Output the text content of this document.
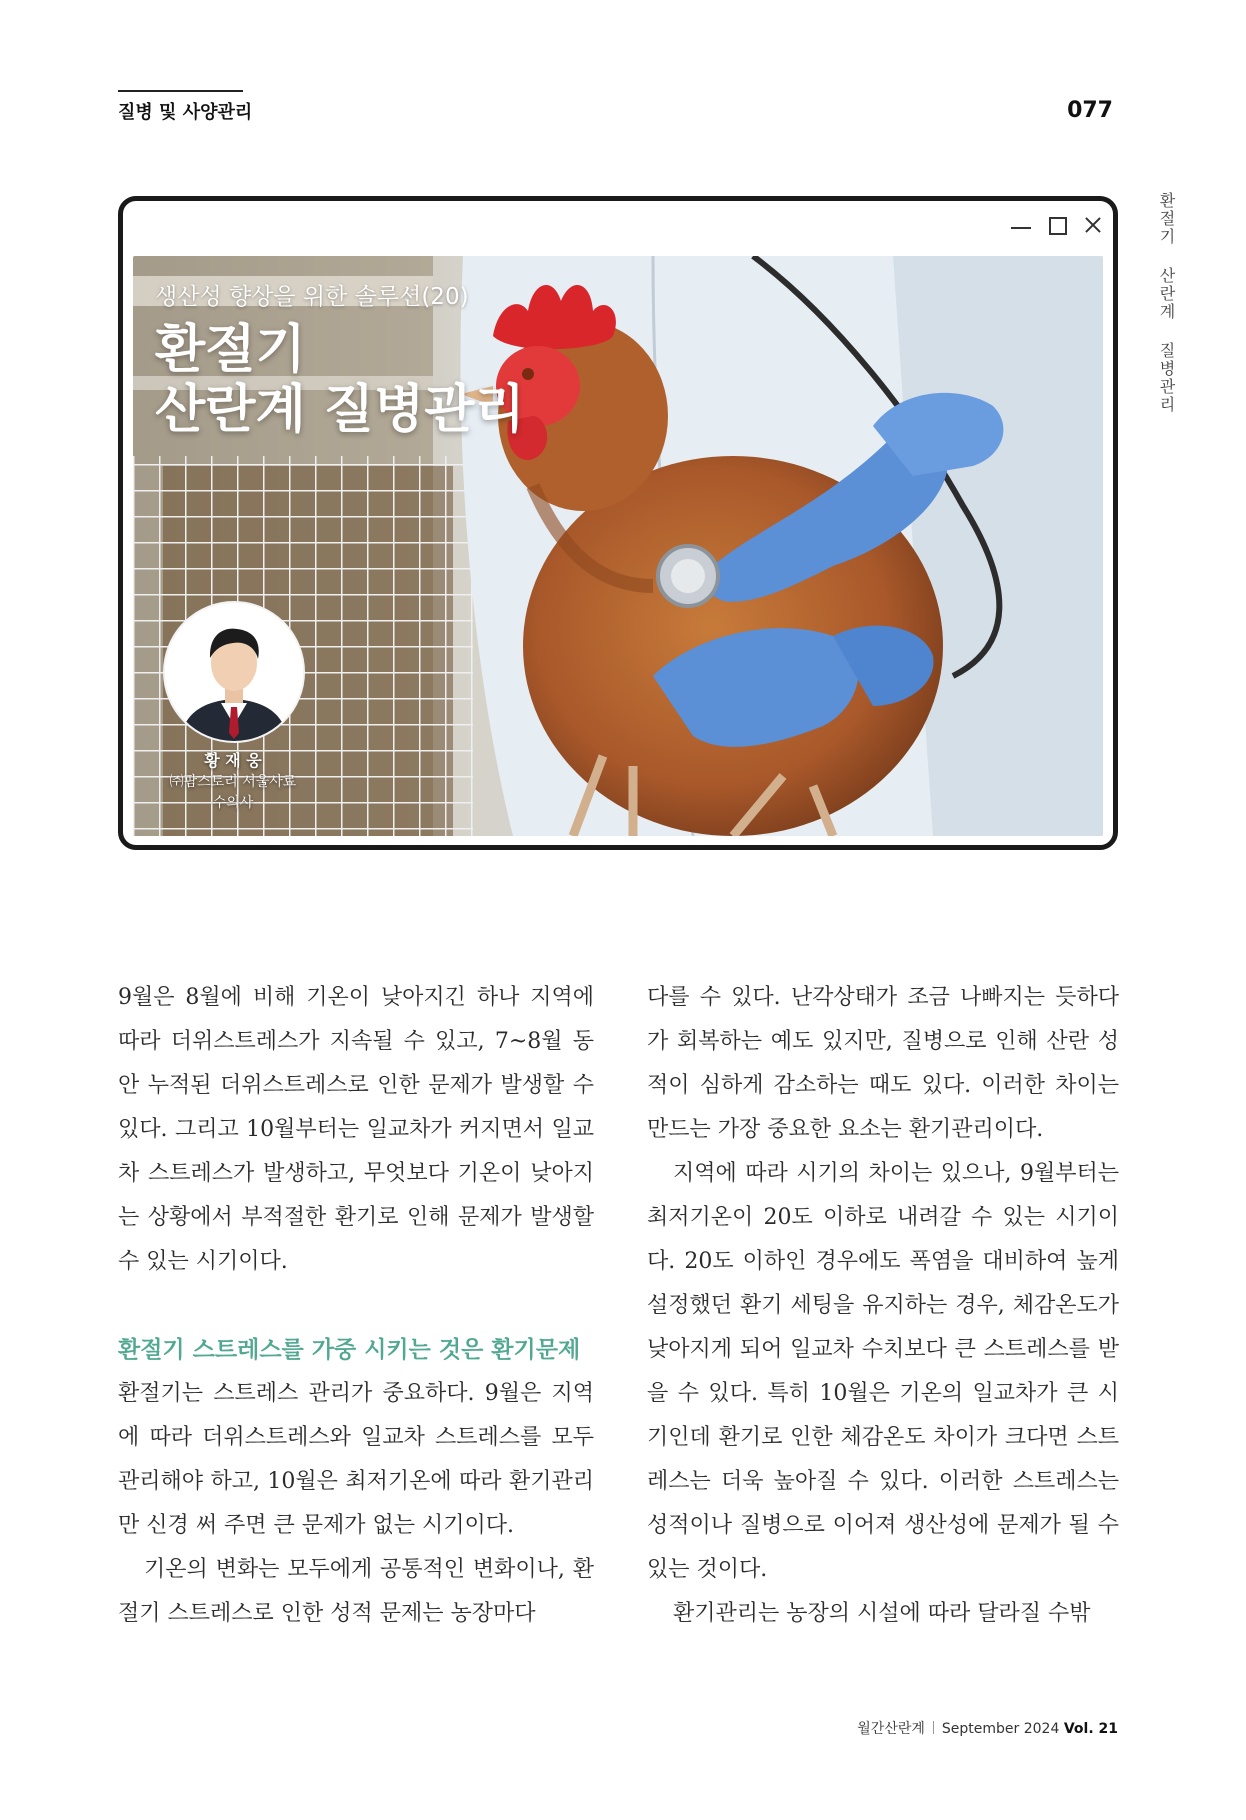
질병 및 사양관리	077
환절기 산란계 질병관리
생산성 향상을 위한 솔루션(20)
환절기
산란계 질병관리
황 재 웅
㈜팜스토리 서울사료
수의사

9월은 8월에 비해 기온이 낮아지긴 하나 지역에 따라 더위스트레스가 지속될 수 있고, 7~8월 동안 누적된 더위스트레스로 인한 문제가 발생할 수 있다. 그리고 10월부터는 일교차가 커지면서 일교차 스트레스가 발생하고, 무엇보다 기온이 낮아지는 상황에서 부적절한 환기로 인해 문제가 발생할 수 있는 시기이다.

환절기 스트레스를 가중 시키는 것은 환기문제

환절기는 스트레스 관리가 중요하다. 9월은 지역에 따라 더위스트레스와 일교차 스트레스를 모두 관리해야 하고, 10월은 최저기온에 따라 환기관리만 신경 써 주면 큰 문제가 없는 시기이다.

기온의 변화는 모두에게 공통적인 변화이나, 환절기 스트레스로 인한 성적 문제는 농장마다

다를 수 있다. 난각상태가 조금 나빠지는 듯하다가 회복하는 예도 있지만, 질병으로 인해 산란 성적이 심하게 감소하는 때도 있다. 이러한 차이는 만드는 가장 중요한 요소는 환기관리이다.

지역에 따라 시기의 차이는 있으나, 9월부터는 최저기온이 20도 이하로 내려갈 수 있는 시기이다. 20도 이하인 경우에도 폭염을 대비하여 높게 설정했던 환기 세팅을 유지하는 경우, 체감온도가 낮아지게 되어 일교차 수치보다 큰 스트레스를 받을 수 있다. 특히 10월은 기온의 일교차가 큰 시기인데 환기로 인한 체감온도 차이가 크다면 스트레스는 더욱 높아질 수 있다. 이러한 스트레스는 성적이나 질병으로 이어져 생산성에 문제가 될 수 있는 것이다.

환기관리는 농장의 시설에 따라 달라질 수밖

월간산란계 September 2024 Vol. 21
